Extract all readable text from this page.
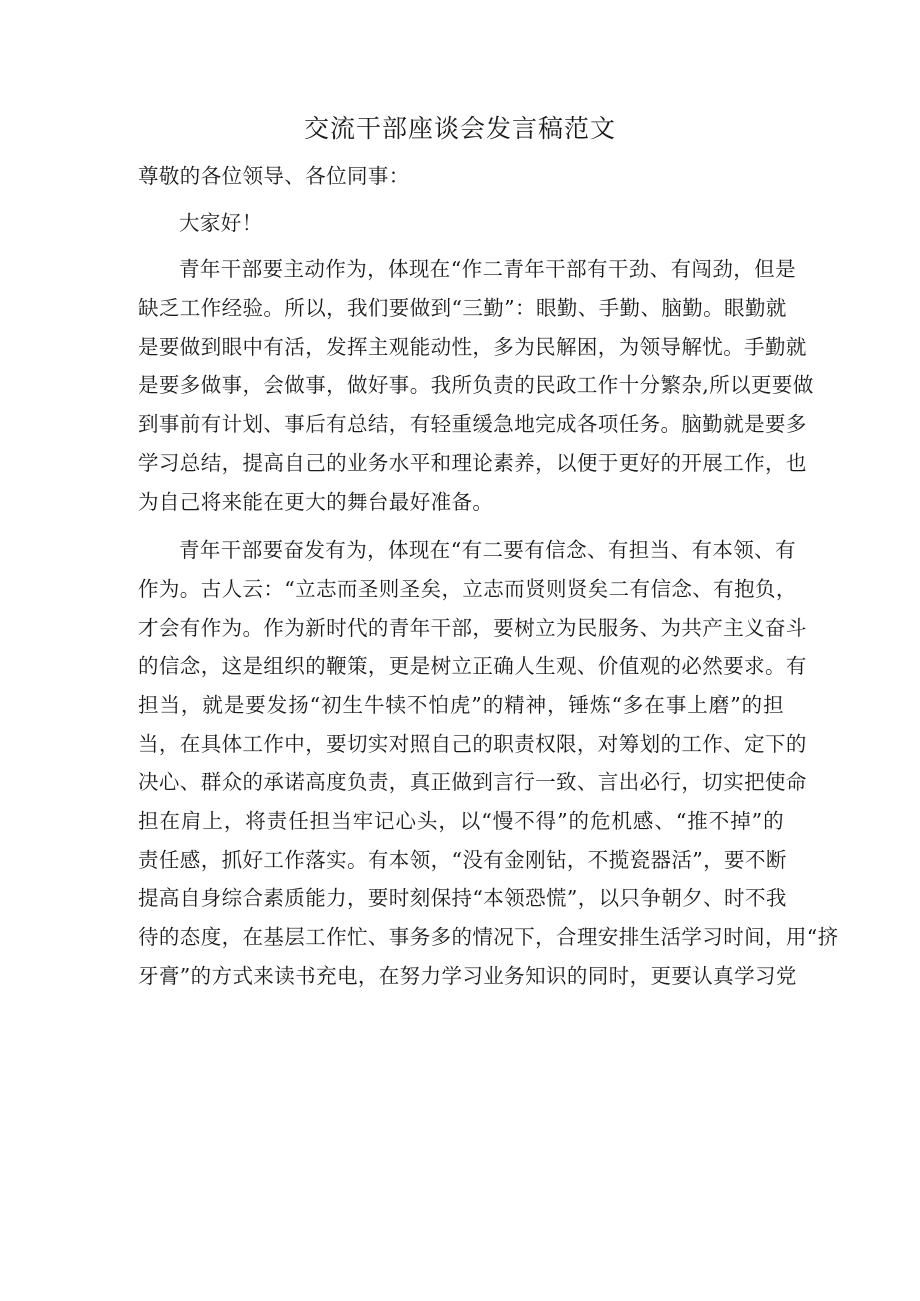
交流干部座谈会发言稿范文
尊敬的各位领导、各位同事：
大家好！
青年干部要主动作为，体现在“作二青年干部有干劲、有闯劲，但是
缺乏工作经验。所以，我们要做到“三勤”：眼勤、手勤、脑勤。眼勤就
是要做到眼中有活，发挥主观能动性，多为民解困，为领导解忧。手勤就
是要多做事，会做事，做好事。我所负责的民政工作十分繁杂,所以更要做
到事前有计划、事后有总结，有轻重缓急地完成各项任务。脑勤就是要多
学习总结，提高自己的业务水平和理论素养，以便于更好的开展工作，也
为自己将来能在更大的舞台最好准备。
青年干部要奋发有为，体现在“有二要有信念、有担当、有本领、有
作为。古人云：“立志而圣则圣矣，立志而贤则贤矣二有信念、有抱负，
才会有作为。作为新时代的青年干部，要树立为民服务、为共产主义奋斗
的信念，这是组织的鞭策，更是树立正确人生观、价值观的必然要求。有
担当，就是要发扬“初生牛犊不怕虎”的精神，锤炼“多在事上磨”的担
当，在具体工作中，要切实对照自己的职责权限，对筹划的工作、定下的
决心、群众的承诺高度负责，真正做到言行一致、言出必行，切实把使命
担在肩上，将责任担当牢记心头，以“慢不得”的危机感、“推不掉”的
责任感，抓好工作落实。有本领，“没有金刚钻，不揽瓷器活”，要不断
提高自身综合素质能力，要时刻保持“本领恐慌”，以只争朝夕、时不我
待的态度，在基层工作忙、事务多的情况下，合理安排生活学习时间，用“挤
牙膏”的方式来读书充电，在努力学习业务知识的同时，更要认真学习党
